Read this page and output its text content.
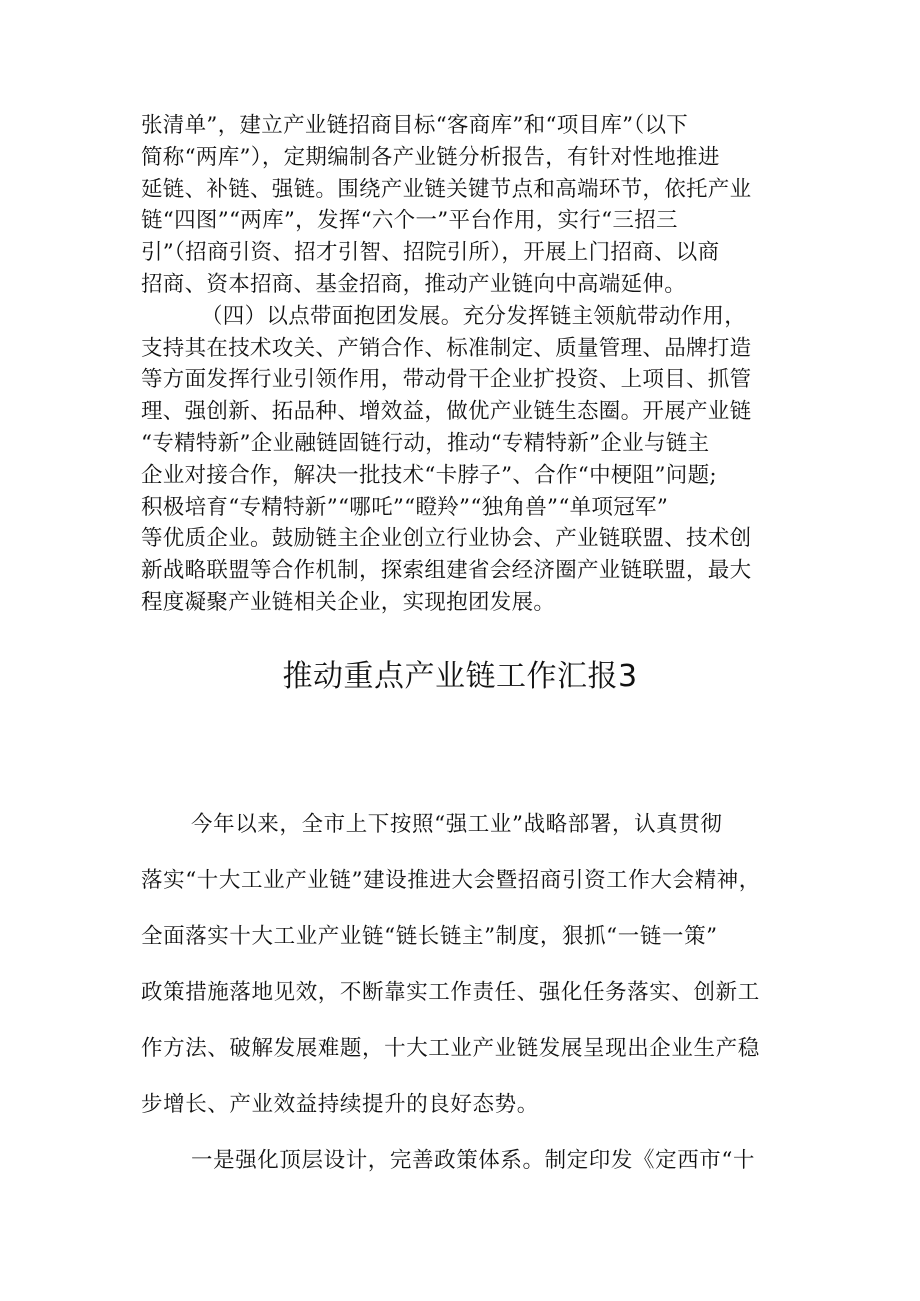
张清单”，建立产业链招商目标“客商库”和“项目库”（以下
简称“两库”），定期编制各产业链分析报告，有针对性地推进
延链、补链、强链。围绕产业链关键节点和高端环节，依托产业
链“四图”“两库”，发挥“六个一”平台作用，实行“三招三
引”（招商引资、招才引智、招院引所），开展上门招商、以商
招商、资本招商、基金招商，推动产业链向中高端延伸。
（四）以点带面抱团发展。充分发挥链主领航带动作用，
支持其在技术攻关、产销合作、标准制定、质量管理、品牌打造
等方面发挥行业引领作用，带动骨干企业扩投资、上项目、抓管
理、强创新、拓品种、增效益，做优产业链生态圈。开展产业链
“专精特新”企业融链固链行动，推动“专精特新”企业与链主
企业对接合作，解决一批技术“卡脖子”、合作“中梗阻”问题;
积极培育“专精特新”“哪吒”“瞪羚”“独角兽”“单项冠军”
等优质企业。鼓励链主企业创立行业协会、产业链联盟、技术创
新战略联盟等合作机制，探索组建省会经济圈产业链联盟，最大
程度凝聚产业链相关企业，实现抱团发展。
推动重点产业链工作汇报3
今年以来，全市上下按照“强工业”战略部署，认真贯彻
落实“十大工业产业链”建设推进大会暨招商引资工作大会精神，
全面落实十大工业产业链“链长链主”制度，狠抓“一链一策”
政策措施落地见效，不断靠实工作责任、强化任务落实、创新工
作方法、破解发展难题，十大工业产业链发展呈现出企业生产稳
步增长、产业效益持续提升的良好态势。
一是强化顶层设计，完善政策体系。制定印发《定西市“十
